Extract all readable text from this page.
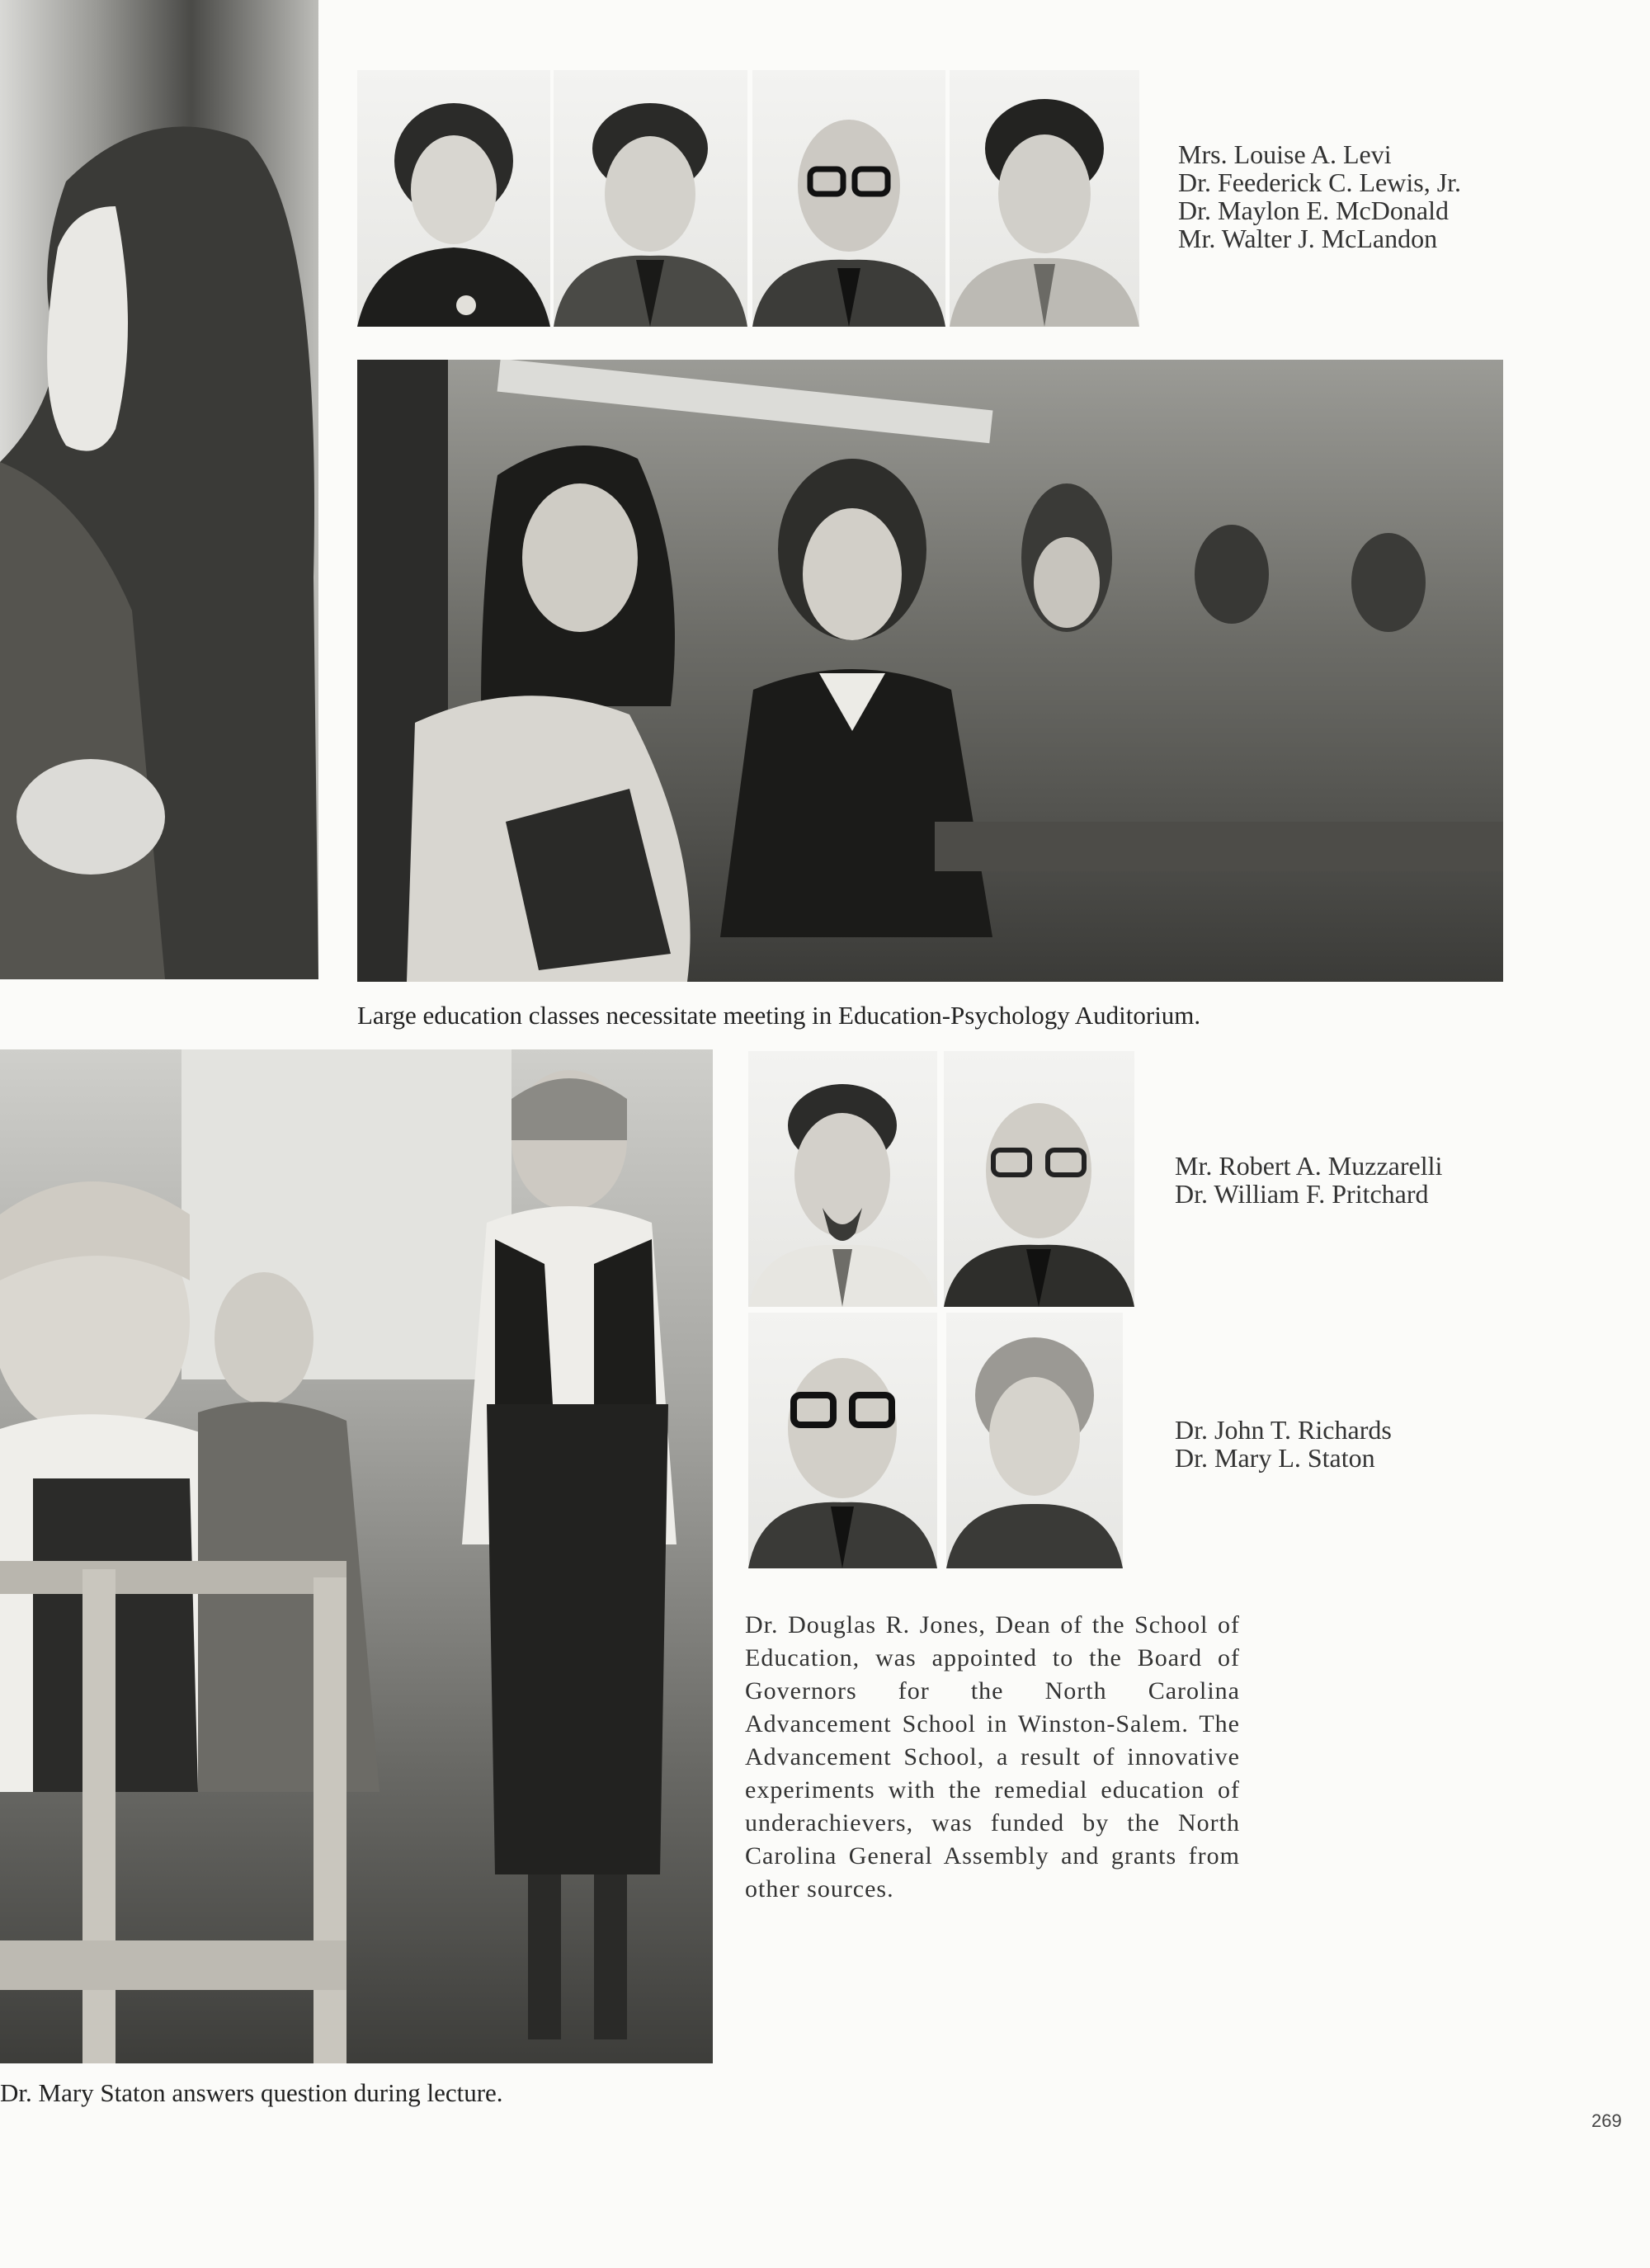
Mrs. Louise A. Levi
Dr. Feederick C. Lewis, Jr.
Dr. Maylon E. McDonald
Mr. Walter J. McLandon
Large education classes necessitate meeting in Education-Psychology Auditorium.
Dr. Mary Staton answers question during lecture.
Mr. Robert A. Muzzarelli
Dr. William F. Pritchard
Dr. John T. Richards
Dr. Mary L. Staton
Dr. Douglas R. Jones, Dean of the School of Education, was appointed to the Board of Governors for the North Carolina Advancement School in Winston-Salem. The Advancement School, a result of innovative experiments with the remedial education of underachievers, was funded by the North Carolina General Assembly and grants from other sources.
269
